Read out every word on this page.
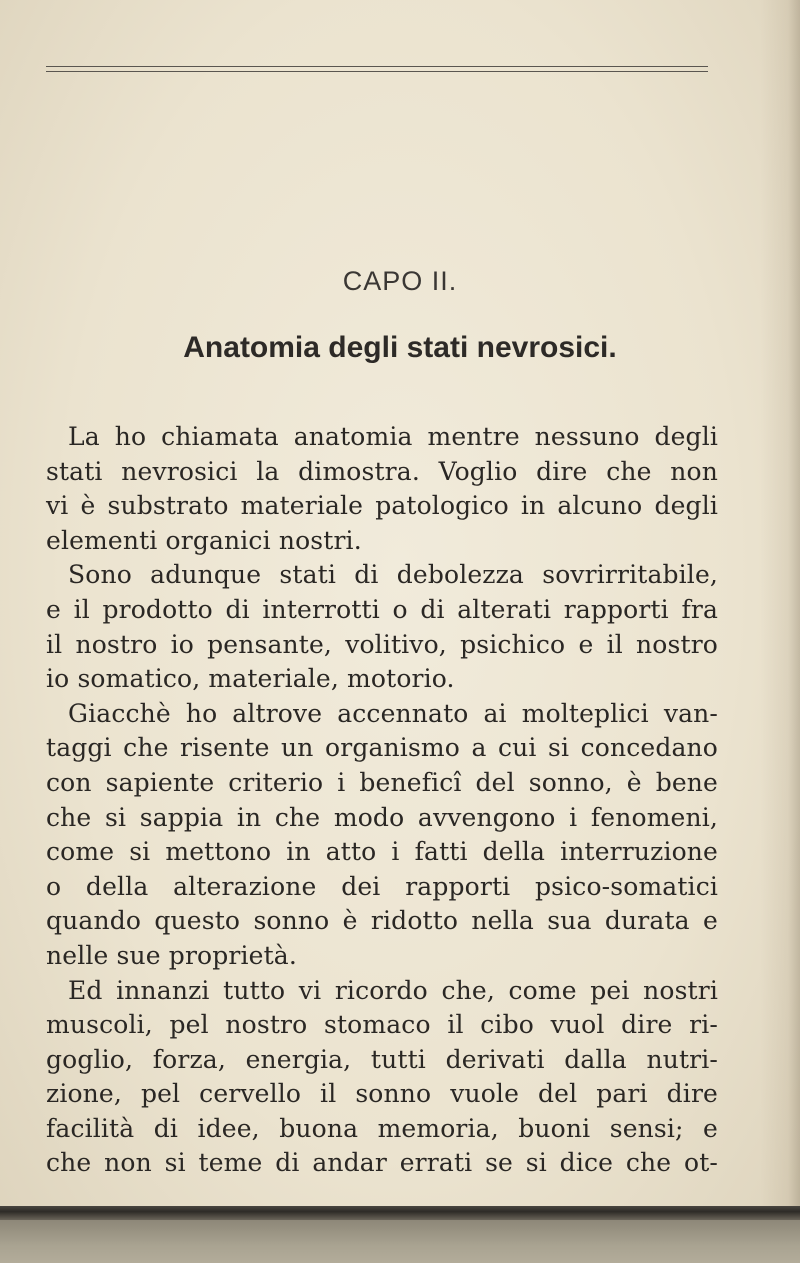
CAPO II.
Anatomia degli stati nevrosici.
La ho chiamata anatomia mentre nessuno degli
stati nevrosici la dimostra. Voglio dire che non
vi è substrato materiale patologico in alcuno degli
elementi organici nostri.
Sono adunque stati di debolezza sovrirritabile,
e il prodotto di interrotti o di alterati rapporti fra
il nostro io pensante, volitivo, psichico e il nostro
io somatico, materiale, motorio.
Giacchè ho altrove accennato ai molteplici van-
taggi che risente un organismo a cui si concedano
con sapiente criterio i beneficî del sonno, è bene
che si sappia in che modo avvengono i fenomeni,
come si mettono in atto i fatti della interruzione
o della alterazione dei rapporti psico-somatici
quando questo sonno è ridotto nella sua durata e
nelle sue proprietà.
Ed innanzi tutto vi ricordo che, come pei nostri
muscoli, pel nostro stomaco il cibo vuol dire ri-
goglio, forza, energia, tutti derivati dalla nutri-
zione, pel cervello il sonno vuole del pari dire
facilità di idee, buona memoria, buoni sensi; e
che non si teme di andar errati se si dice che ot-
